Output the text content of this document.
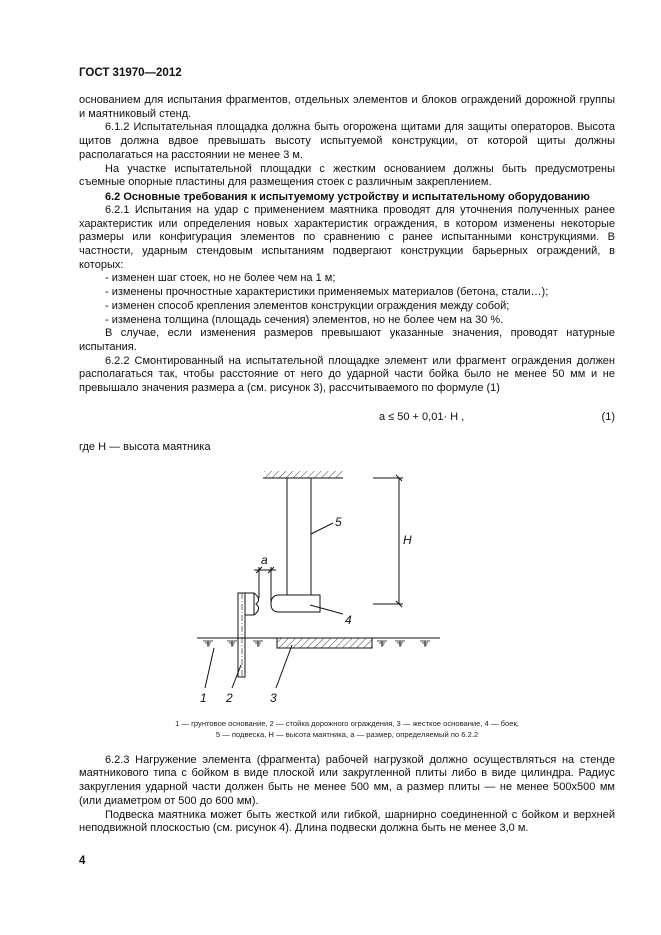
ГОСТ 31970—2012

основанием для испытания фрагментов, отдельных элементов и блоков ограждений дорожной группы и маятниковый стенд.

6.1.2 Испытательная площадка должна быть огорожена щитами для защиты операторов. Высота щитов должна вдвое превышать высоту испытуемой конструкции, от которой щиты должны располагаться на расстоянии не менее 3 м.

На участке испытательной площадки с жестким основанием должны быть предусмотрены съемные опорные пластины для размещения стоек с различным закреплением.

6.2 Основные требования к испытуемому устройству и испытательному оборудованию

6.2.1 Испытания на удар с применением маятника проводят для уточнения полученных ранее характеристик или определения новых характеристик ограждения, в котором изменены некоторые размеры или конфигурация элементов по сравнению с ранее испытанными конструкциями. В частности, ударным стендовым испытаниям подвергают конструкции барьерных ограждений, в которых:

- изменен шаг стоек, но не более чем на 1 м;

- изменены прочностные характеристики применяемых материалов (бетона, стали…);

- изменен способ крепления элементов конструкции ограждения между собой;

- изменена толщина (площадь сечения) элементов, но не более чем на 30 %.

В случае, если изменения размеров превышают указанные значения, проводят натурные испытания.

6.2.2 Смонтированный на испытательной площадке элемент или фрагмент ограждения должен располагаться так, чтобы расстояние от него до ударной части бойка было не менее 50 мм и не превышало значения размера a (см. рисунок 3), рассчитываемого по формуле (1)

a ≤ 50 + 0,01· H ,	(1)
где H — высота маятника
5
4
H
a
1 2	3
1 — грунтовое основание, 2 — стойка дорожного ограждения, 3 — жесткое основание, 4 — боек,
5 — подвеска, H — высота маятника, a — размер, определяемый по 6.2.2

6.2.3 Нагружение элемента (фрагмента) рабочей нагрузкой должно осуществляться на стенде маятникового типа с бойком в виде плоской или закругленной плиты либо в виде цилиндра. Радиус закругления ударной части должен быть не менее 500 мм, а размер плиты — не менее 500х500 мм (или диаметром от 500 до 600 мм).

Подвеска маятника может быть жесткой или гибкой, шарнирно соединенной с бойком и верхней неподвижной плоскостью (см. рисунок 4). Длина подвески должна быть не менее 3,0 м.

4
